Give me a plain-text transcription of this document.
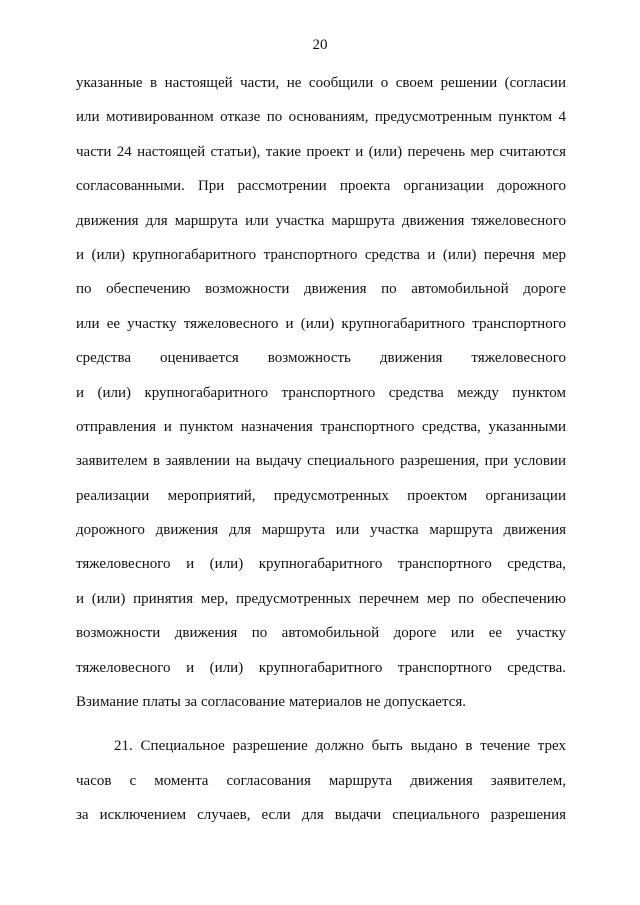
20
указанные в настоящей части, не сообщили о своем решении (согласии
или мотивированном отказе по основаниям, предусмотренным пунктом 4
части 24 настоящей статьи), такие проект и (или) перечень мер считаются
согласованными. При рассмотрении проекта организации дорожного
движения для маршрута или участка маршрута движения тяжеловесного
и (или) крупногабаритного транспортного средства и (или) перечня мер
по обеспечению возможности движения по автомобильной дороге
или ее участку тяжеловесного и (или) крупногабаритного транспортного
средства оценивается возможность движения тяжеловесного
и (или) крупногабаритного транспортного средства между пунктом
отправления и пунктом назначения транспортного средства, указанными
заявителем в заявлении на выдачу специального разрешения, при условии
реализации мероприятий, предусмотренных проектом организации
дорожного движения для маршрута или участка маршрута движения
тяжеловесного и (или) крупногабаритного транспортного средства,
и (или) принятия мер, предусмотренных перечнем мер по обеспечению
возможности движения по автомобильной дороге или ее участку
тяжеловесного и (или) крупногабаритного транспортного средства.
Взимание платы за согласование материалов не допускается.
21. Специальное разрешение должно быть выдано в течение трех
часов с момента согласования маршрута движения заявителем,
за исключением случаев, если для выдачи специального разрешения
